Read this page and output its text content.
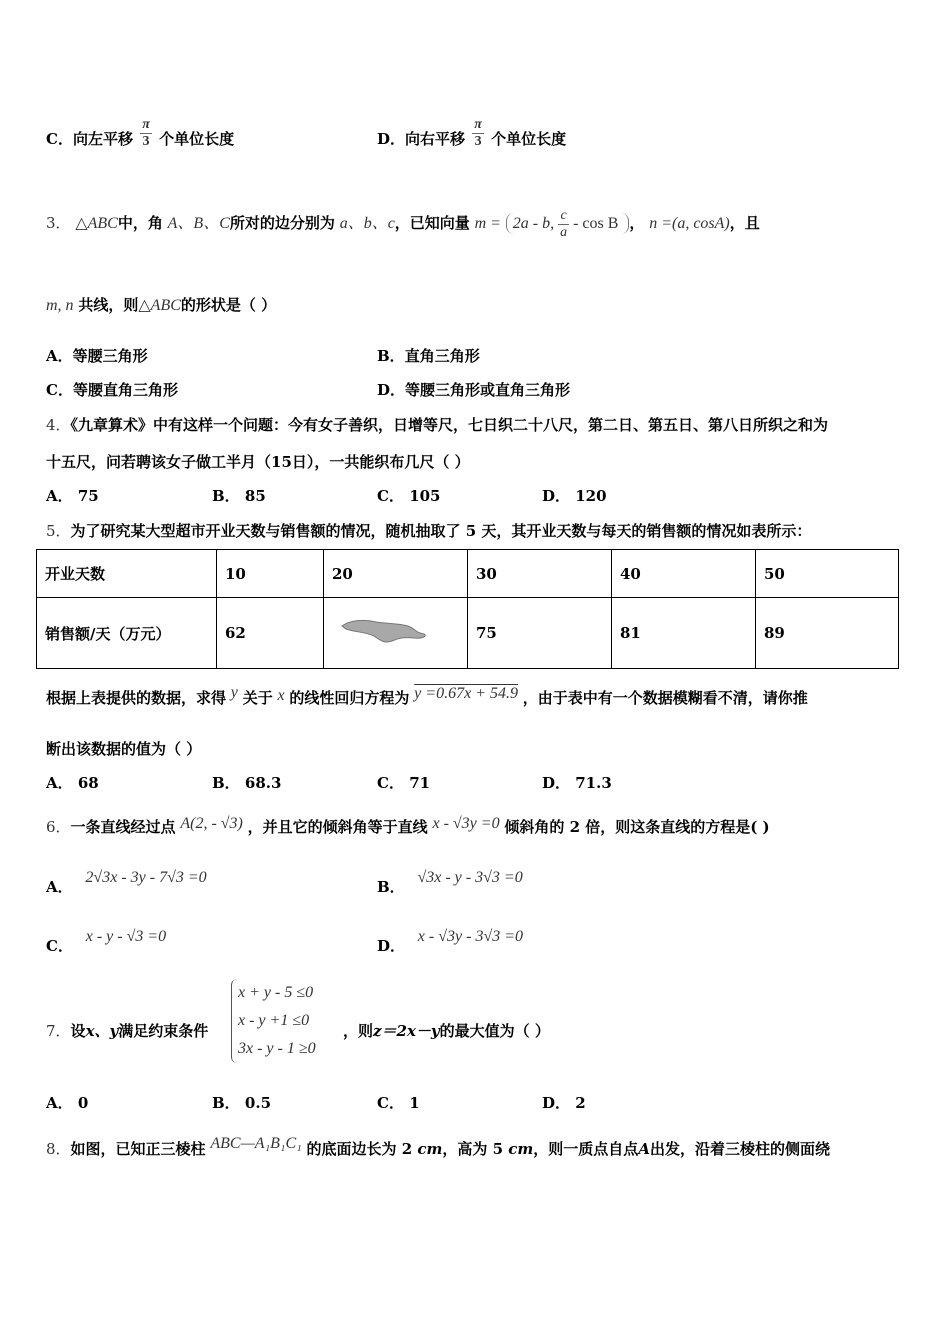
C．向左平移 $\frac{\pi}{3}$ 个单位长度	D．向右平移 $\frac{\pi}{3}$ 个单位长度
3． △ABC中，角 A、B、C所对的边分别为 a、b、c，已知向量 m = 2a - b, $\frac{c}{a}$ - cos B ， n =(a, cosA)，且
m, n 共线，则△ABC的形状是（ ）
A．等腰三角形	B．直角三角形
C．等腰直角三角形	D．等腰三角形或直角三角形
4．《九章算术》中有这样一个问题：今有女子善织，日增等尺，七日织二十八尺，第二日、第五日、第八日所织之和为
十五尺，问若聘该女子做工半月（15日），一共能织布几尺（ ）
A． 75	B． 85	C． 105	D． 120
5．为了研究某大型超市开业天数与销售额的情况，随机抽取了 5 天，其开业天数与每天的销售额的情况如表所示：
开业天数	10	20	30	40	50
销售额/天（万元）	62		75	81	89
根据上表提供的数据，求得 y 关于 x 的线性回归方程为 y =0.67x + 54.9 ，由于表中有一个数据模糊看不清，请你推
断出该数据的值为（ ）
A． 68	B． 68.3	C． 71	D． 71.3
6．一条直线经过点 A(2, - √3) ，并且它的倾斜角等于直线 x - √3y =0 倾斜角的 2 倍，则这条直线的方程是( )
A． 2√3x - 3y - 7√3 =0
B． √3x - y - 3√3 =0
C． x - y - √3 =0
D． x - √3y - 3√3 =0
7．设x、y满足约束条件
x + y - 5 ≤0
x - y +1 ≤0
3x - y - 1 ≥0
，则z＝2x－y的最大值为（ ）
A． 0	B． 0.5	C． 1	D． 2
8．如图，已知正三棱柱 ABC—A₁B₁C₁ 的底面边长为 2 cm，高为 5 cm，则一质点自点A出发，沿着三棱柱的侧面绕
